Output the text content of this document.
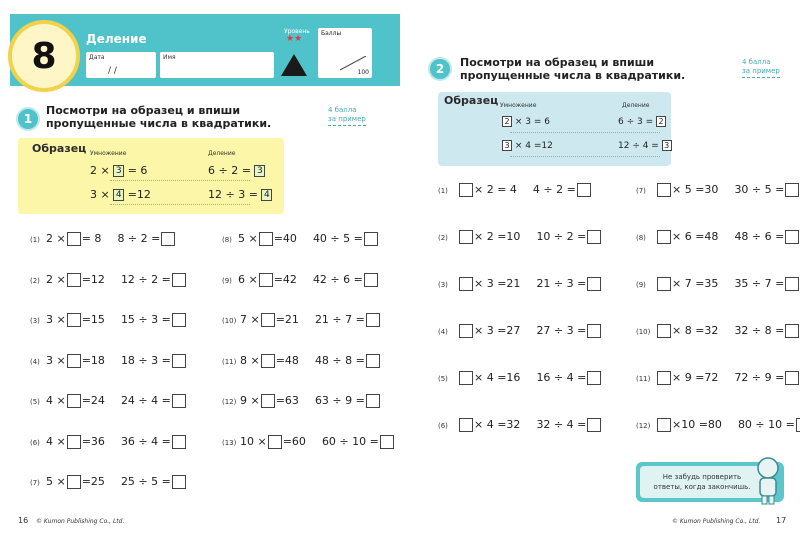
8 Деление
Дата
/ /
Имя
Уровень
★★
Баллы
100
1
Посмотри на образец и впиши
пропущенные числа в квадратики.
4 балла
за пример
Образец Умножение	Деление
2 × 3 = 6	6 ÷ 2 = 3
3 × 4 =12	12 ÷ 3 = 4
(1) 2 × = 8 8 ÷ 2 =
(2) 2 × =12 12 ÷ 2 =
(3) 3 × =15 15 ÷ 3 =
(4) 3 × =18 18 ÷ 3 =
(5) 4 × =24 24 ÷ 4 =
(6) 4 × =36 36 ÷ 4 =
(7) 5 × =25 25 ÷ 5 =
(8) 5 × =40 40 ÷ 5 =
(9) 6 × =42 42 ÷ 6 =
(10) 7 × =21 21 ÷ 7 =
(11) 8 × =48 48 ÷ 8 =
(12) 9 × =63 63 ÷ 9 =
(13) 10 × =60 60 ÷ 10 =
2 Посмотри на образец и впиши
пропущенные числа в квадратики.
4 балла
за пример
Образец Умножение	Деление
2 × 3 = 6	6 ÷ 3 = 2
3 × 4 =12	12 ÷ 4 = 3
(1) × 2 = 4 4 ÷ 2 =
(2) × 2 =10 10 ÷ 2 =
(3) × 3 =21 21 ÷ 3 =
(4) × 3 =27 27 ÷ 3 =
(5) × 4 =16 16 ÷ 4 =
(6) × 4 =32 32 ÷ 4 =
(7) × 5 =30 30 ÷ 5 =
(8) × 6 =48 48 ÷ 6 =
(9) × 7 =35 35 ÷ 7 =
(10) × 8 =32 32 ÷ 8 =
(11) × 9 =72 72 ÷ 9 =
(12) ×10 =80 80 ÷ 10 =
Не забудь проверить
ответы, когда закончишь.
16 © Kumon Publishing Co., Ltd.	© Kumon Publishing Co., Ltd. 17
